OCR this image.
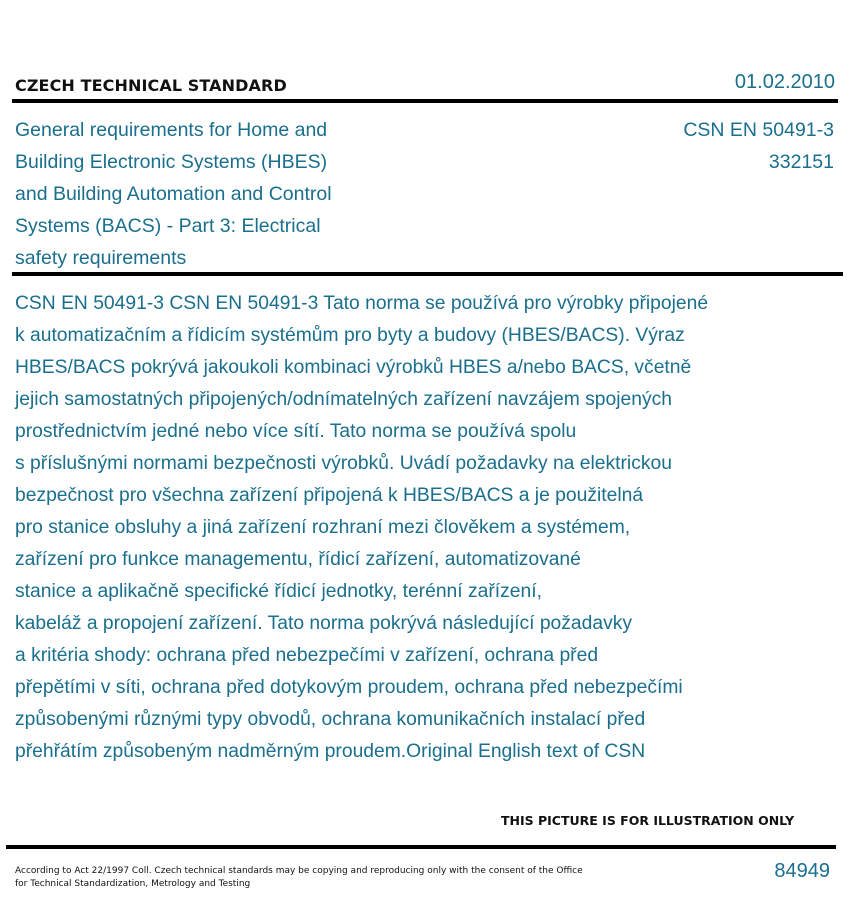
CZECH TECHNICAL STANDARD	01.02.2010
General requirements for Home and
Building Electronic Systems (HBES)
and Building Automation and Control
Systems (BACS) - Part 3: Electrical
safety requirements
CSN EN 50491-3
332151
CSN EN 50491-3 CSN EN 50491-3 Tato norma se používá pro výrobky připojené
k automatizačním a řídicím systémům pro byty a budovy (HBES/BACS). Výraz
HBES/BACS pokrývá jakoukoli kombinaci výrobků HBES a/nebo BACS, včetně
jejich samostatných připojených/odnímatelných zařízení navzájem spojených
prostřednictvím jedné nebo více sítí. Tato norma se používá spolu
s příslušnými normami bezpečnosti výrobků. Uvádí požadavky na elektrickou
bezpečnost pro všechna zařízení připojená k HBES/BACS a je použitelná
pro stanice obsluhy a jiná zařízení rozhraní mezi člověkem a systémem,
zařízení pro funkce managementu, řídicí zařízení, automatizované
stanice a aplikačně specifické řídicí jednotky, terénní zařízení,
kabeláž a propojení zařízení. Tato norma pokrývá následující požadavky
a kritéria shody: ochrana před nebezpečími v zařízení, ochrana před
přepětími v síti, ochrana před dotykovým proudem, ochrana před nebezpečími
způsobenými různými typy obvodů, ochrana komunikačních instalací před
přehřátím způsobeným nadměrným proudem.Original English text of CSN
THIS PICTURE IS FOR ILLUSTRATION ONLY
According to Act 22/1997 Coll. Czech technical standards may be copying and reproducing only with the consent of the Office
for Technical Standardization, Metrology and Testing
84949
